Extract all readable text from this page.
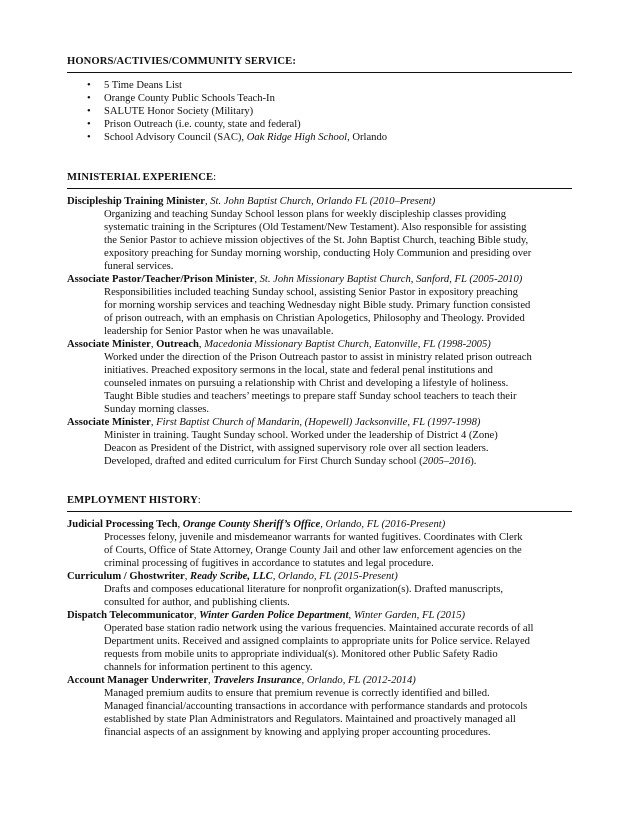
HONORS/ACTIVIES/COMMUNITY SERVICE:
• 5 Time Deans List
• Orange County Public Schools Teach-In
• SALUTE Honor Society (Military)
• Prison Outreach (i.e. county, state and federal)
• School Advisory Council (SAC), Oak Ridge High School, Orlando
MINISTERIAL EXPERIENCE:
Discipleship Training Minister, St. John Baptist Church, Orlando FL (2010–Present)

Organizing and teaching Sunday School lesson plans for weekly discipleship classes providing

systematic training in the Scriptures (Old Testament/New Testament). Also responsible for assisting

the Senior Pastor to achieve mission objectives of the St. John Baptist Church, teaching Bible study,

expository preaching for Sunday morning worship, conducting Holy Communion and presiding over

funeral services.

Associate Pastor/Teacher/Prison Minister, St. John Missionary Baptist Church, Sanford, FL (2005-2010)

Responsibilities included teaching Sunday school, assisting Senior Pastor in expository preaching

for morning worship services and teaching Wednesday night Bible study. Primary function consisted

of prison outreach, with an emphasis on Christian Apologetics, Philosophy and Theology. Provided

leadership for Senior Pastor when he was unavailable.

Associate Minister, Outreach, Macedonia Missionary Baptist Church, Eatonville, FL (1998-2005)

Worked under the direction of the Prison Outreach pastor to assist in ministry related prison outreach

initiatives. Preached expository sermons in the local, state and federal penal institutions and

counseled inmates on pursuing a relationship with Christ and developing a lifestyle of holiness.

Taught Bible studies and teachers’ meetings to prepare staff Sunday school teachers to teach their

Sunday morning classes.

Associate Minister, First Baptist Church of Mandarin, (Hopewell) Jacksonville, FL (1997-1998)

Minister in training. Taught Sunday school. Worked under the leadership of District 4 (Zone)

Deacon as President of the District, with assigned supervisory role over all section leaders.

Developed, drafted and edited curriculum for First Church Sunday school (2005–2016).

EMPLOYMENT HISTORY:
Judicial Processing Tech, Orange County Sheriff’s Office, Orlando, FL (2016-Present)

Processes felony, juvenile and misdemeanor warrants for wanted fugitives. Coordinates with Clerk

of Courts, Office of State Attorney, Orange County Jail and other law enforcement agencies on the

criminal processing of fugitives in accordance to statutes and legal procedure.

Curriculum / Ghostwriter, Ready Scribe, LLC, Orlando, FL (2015-Present)

Drafts and composes educational literature for nonprofit organization(s). Drafted manuscripts,

consulted for author, and publishing clients.

Dispatch Telecommunicator, Winter Garden Police Department, Winter Garden, FL (2015)

Operated base station radio network using the various frequencies. Maintained accurate records of all

Department units. Received and assigned complaints to appropriate units for Police service. Relayed

requests from mobile units to appropriate individual(s). Monitored other Public Safety Radio

channels for information pertinent to this agency.

Account Manager Underwriter, Travelers Insurance, Orlando, FL (2012-2014)

Managed premium audits to ensure that premium revenue is correctly identified and billed.

Managed financial/accounting transactions in accordance with performance standards and protocols

established by state Plan Administrators and Regulators. Maintained and proactively managed all

financial aspects of an assignment by knowing and applying proper accounting procedures.
